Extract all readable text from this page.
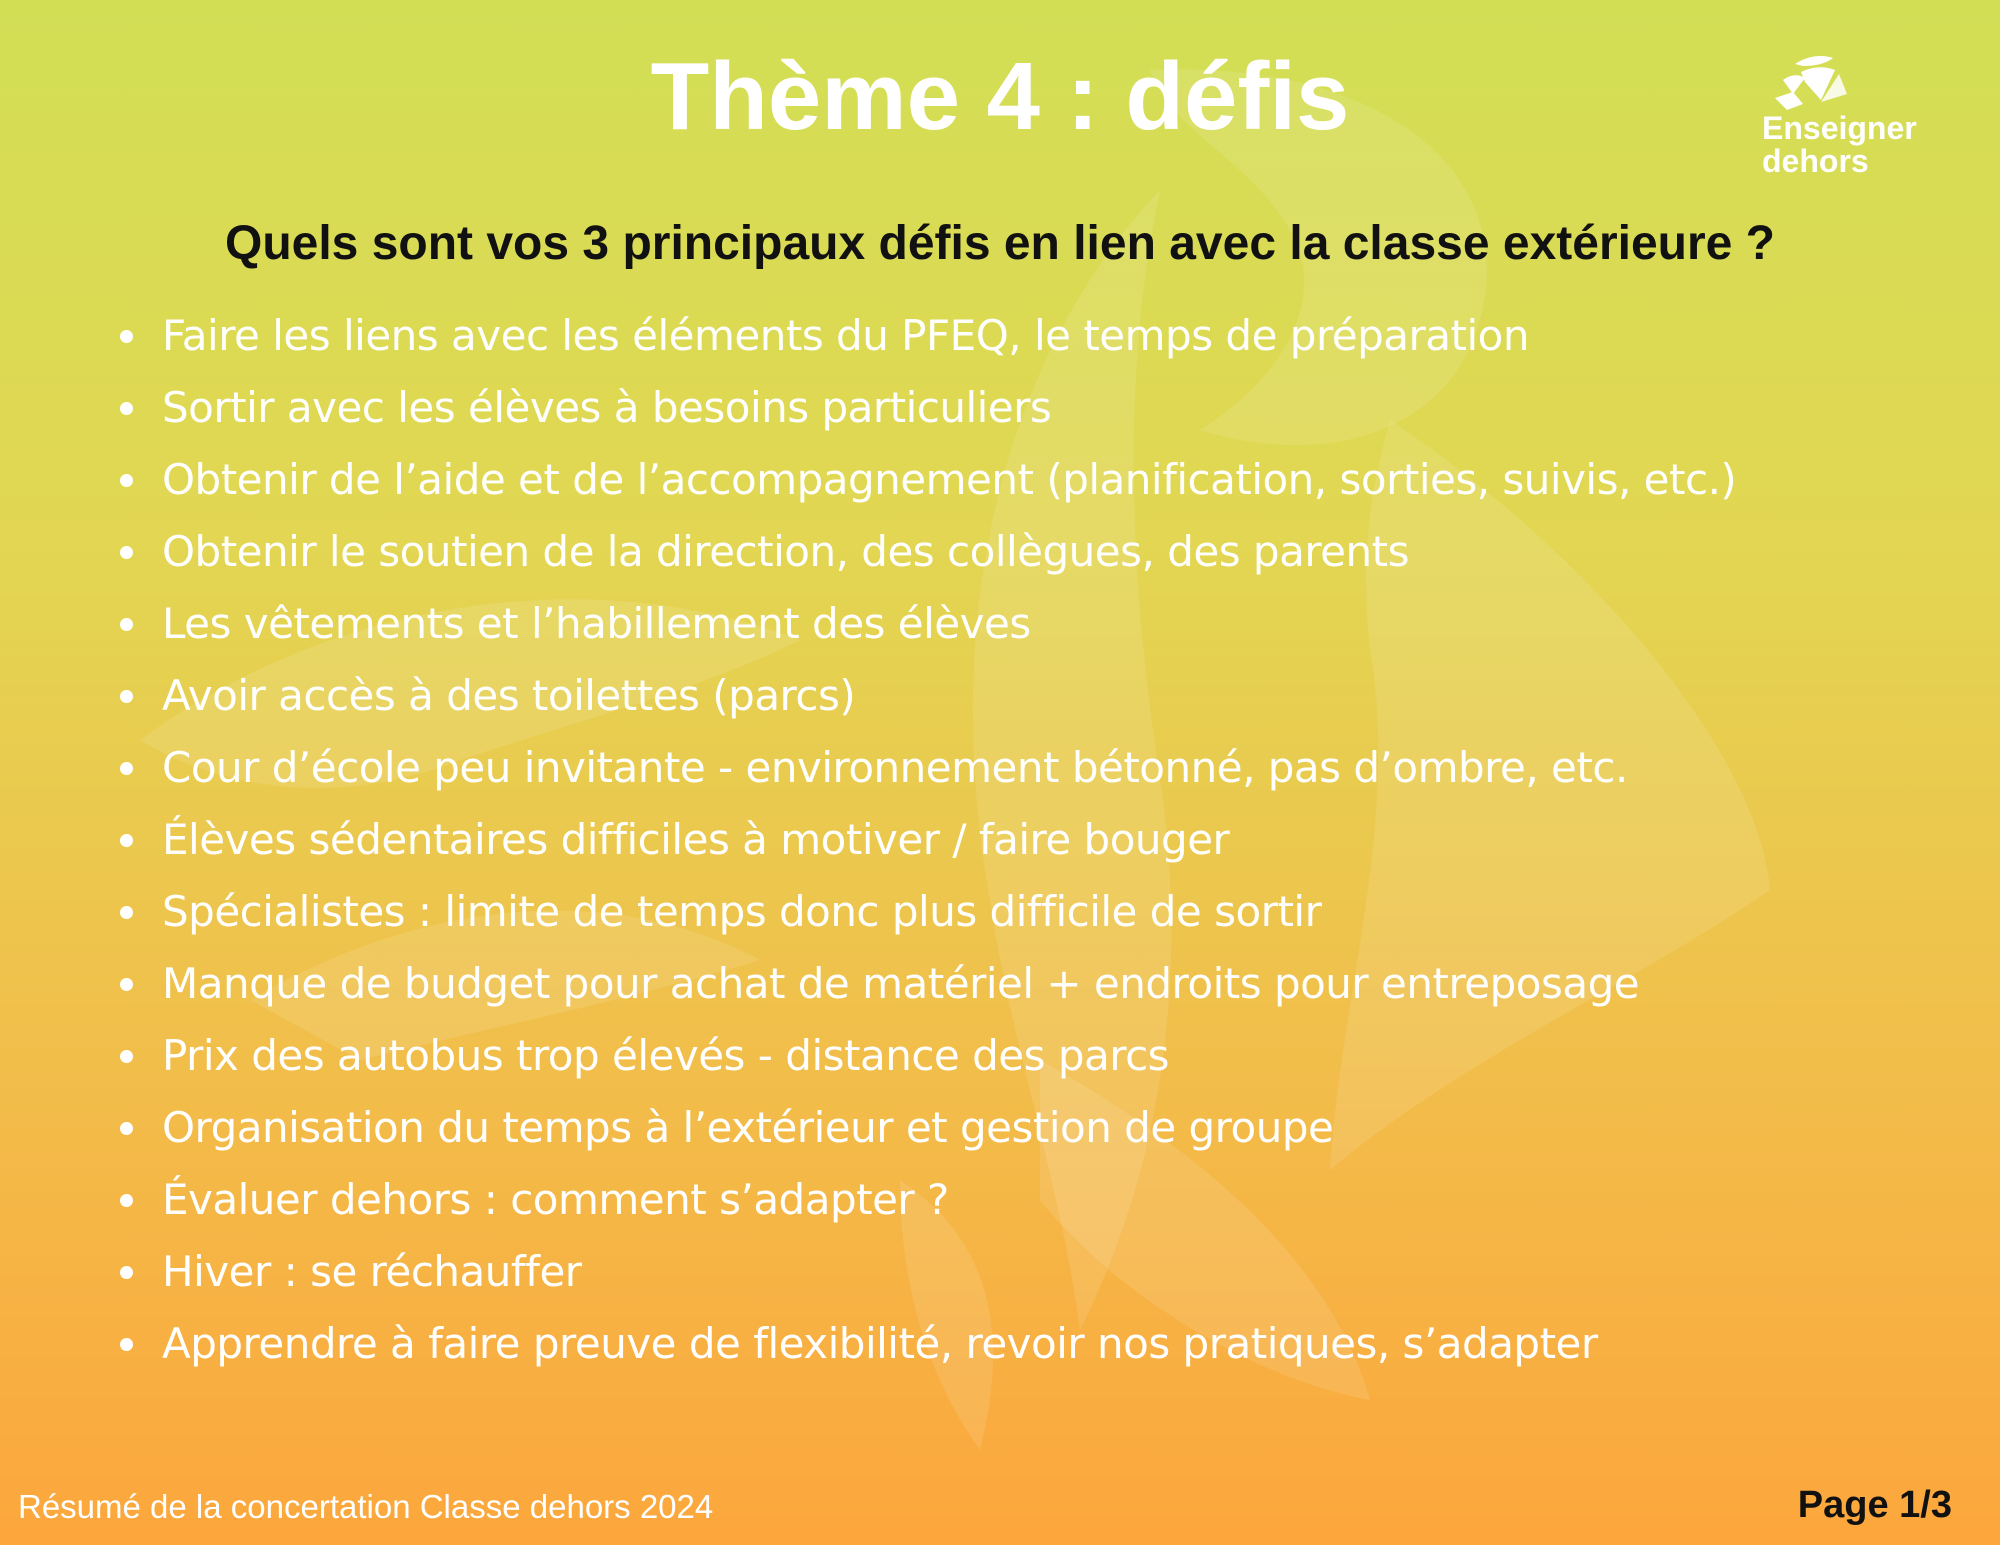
Thème 4 : défis	Enseigner
dehors
Quels sont vos 3 principaux défis en lien avec la classe extérieure ?
Faire les liens avec les éléments du PFEQ, le temps de préparation
Sortir avec les élèves à besoins particuliers
Obtenir de l’aide et de l’accompagnement (planification, sorties, suivis, etc.)
Obtenir le soutien de la direction, des collègues, des parents
Les vêtements et l’habillement des élèves
Avoir accès à des toilettes (parcs)
Cour d’école peu invitante - environnement bétonné, pas d’ombre, etc.
Élèves sédentaires difficiles à motiver / faire bouger
Spécialistes : limite de temps donc plus difficile de sortir
Manque de budget pour achat de matériel + endroits pour entreposage
Prix des autobus trop élevés - distance des parcs
Organisation du temps à l’extérieur et gestion de groupe
Évaluer dehors : comment s’adapter ?
Hiver : se réchauffer
Apprendre à faire preuve de flexibilité, revoir nos pratiques, s’adapter
Résumé de la concertation Classe dehors 2024	Page 1/3
